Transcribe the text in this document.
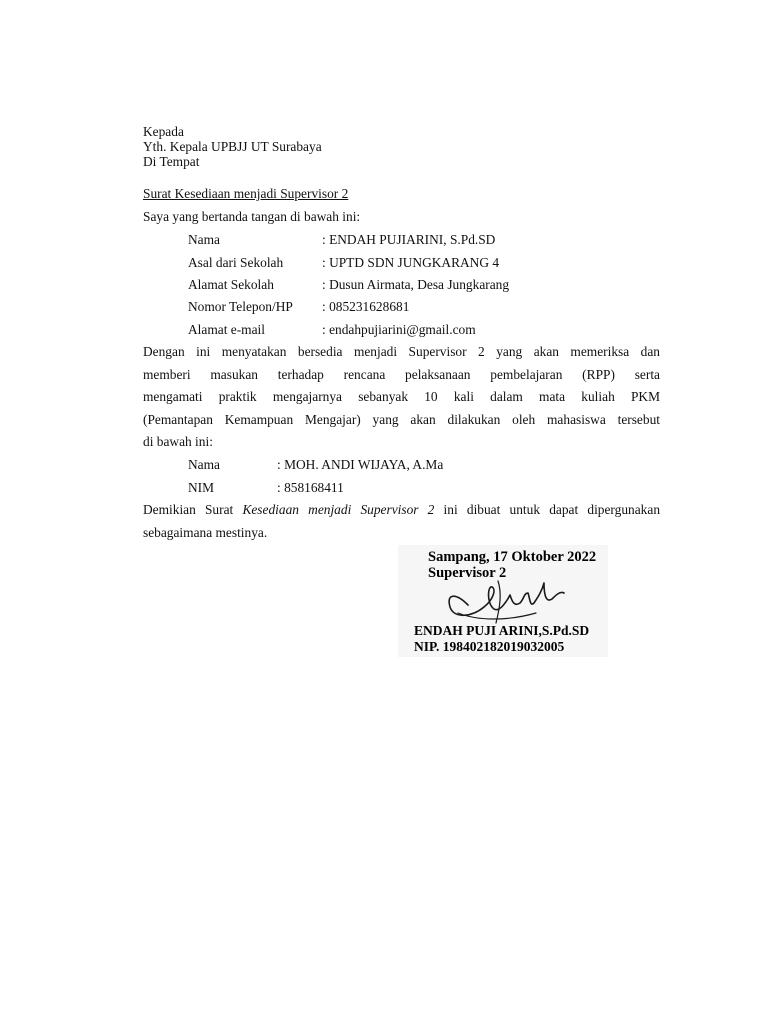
Kepada
Yth. Kepala UPBJJ UT Surabaya
Di Tempat
Surat Kesediaan menjadi Supervisor 2
Saya yang bertanda tangan di bawah ini:
Nama	: ENDAH PUJIARINI, S.Pd.SD
Asal dari Sekolah	: UPTD SDN JUNGKARANG 4
Alamat Sekolah	: Dusun Airmata, Desa Jungkarang
Nomor Telepon/HP : 085231628681
Alamat e-mail	: endahpujiarini@gmail.com
Dengan ini menyatakan bersedia menjadi Supervisor 2 yang akan memeriksa dan
memberi masukan terhadap rencana pelaksanaan pembelajaran (RPP) serta
mengamati praktik mengajarnya sebanyak 10 kali dalam mata kuliah PKM
(Pemantapan Kemampuan Mengajar) yang akan dilakukan oleh mahasiswa tersebut
di bawah ini:
Nama	: MOH. ANDI WIJAYA, A.Ma
NIM	: 858168411
Demikian Surat Kesediaan menjadi Supervisor 2 ini dibuat untuk dapat dipergunakan
sebagaimana mestinya.
Sampang, 17 Oktober 2022
Supervisor 2
ENDAH PUJI ARINI,S.Pd.SD
NIP. 198402182019032005
